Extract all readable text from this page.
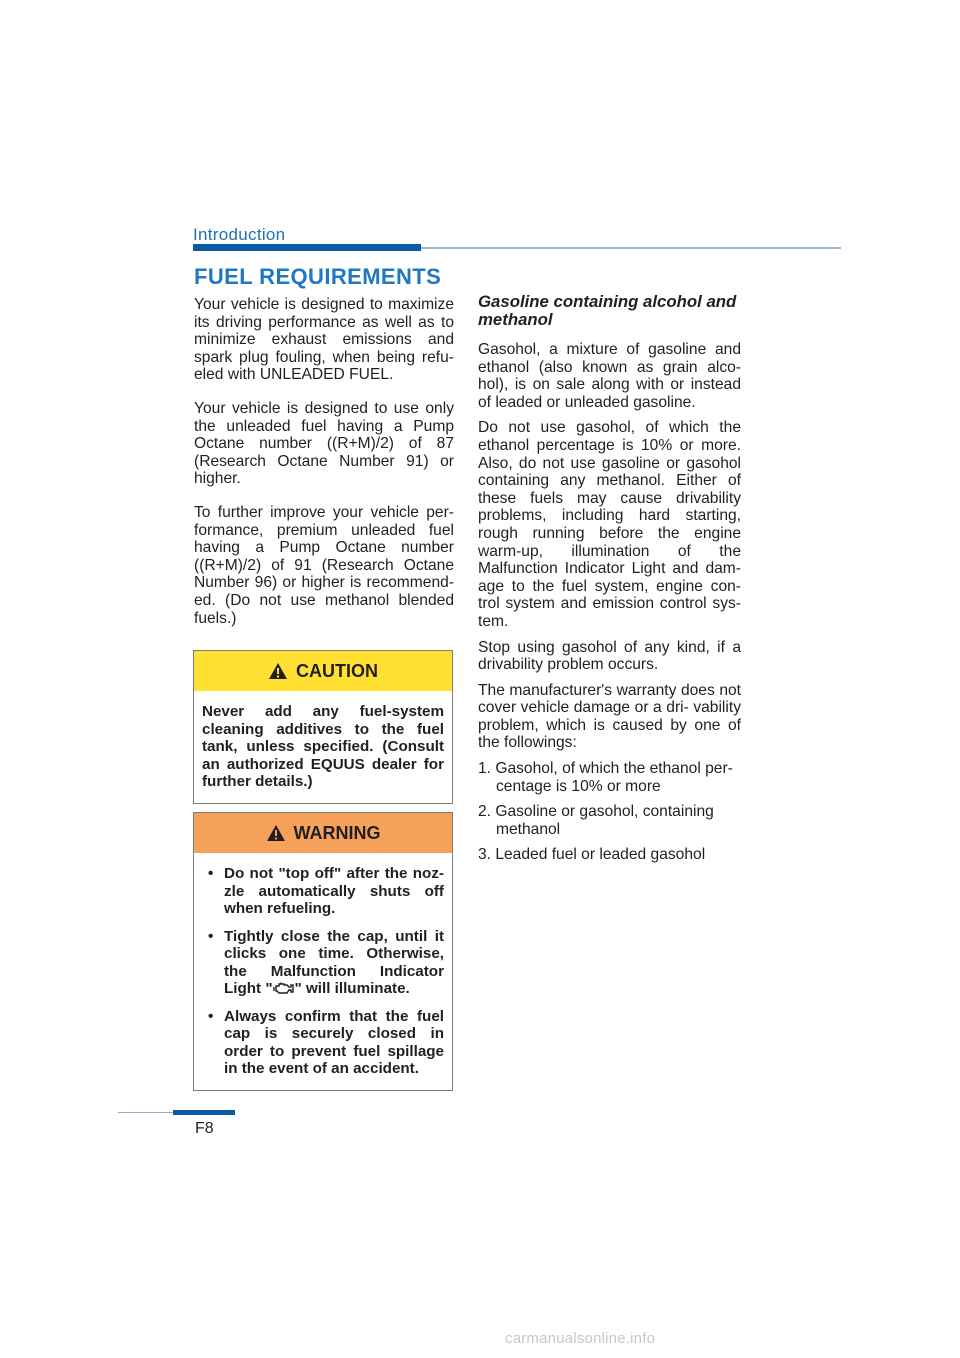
Introduction
FUEL REQUIREMENTS

Your vehicle is designed to maximize its driving performance as well as to minimize exhaust emissions and spark plug fouling, when being refu- eled with UNLEADED FUEL.

Your vehicle is designed to use only the unleaded fuel having a Pump Octane number ((R+M)/2) of 87 (Research Octane Number 91) or higher.

To further improve your vehicle per- formance, premium unleaded fuel having a Pump Octane number ((R+M)/2) of 91 (Research Octane Number 96) or higher is recommend- ed. (Do not use methanol blended fuels.)

CAUTION

Never add any fuel-system cleaning additives to the fuel tank, unless specified. (Consult an authorized EQUUS dealer for further details.)

WARNING
• Do not "top off" after the noz- zle automatically shuts off when refueling.
• Tightly close the cap, until it clicks one time. Otherwise, the Malfunction Indicator Light " " will illuminate.
• Always confirm that the fuel cap is securely closed in order to prevent fuel spillage in the event of an accident.
Gasoline containing alcohol and methanol

Gasohol, a mixture of gasoline and ethanol (also known as grain alco- hol), is on sale along with or instead of leaded or unleaded gasoline.

Do not use gasohol, of which the ethanol percentage is 10% or more. Also, do not use gasoline or gasohol containing any methanol. Either of these fuels may cause drivability problems, including hard starting, rough running before the engine warm-up, illumination of the Malfunction Indicator Light and dam- age to the fuel system, engine con- trol system and emission control sys- tem.

Stop using gasohol of any kind, if a drivability problem occurs.

The manufacturer's warranty does not cover vehicle damage or a dri- vability problem, which is caused by one of the followings:

1. Gasohol, of which the ethanol per- centage is 10% or more
2. Gasoline or gasohol, containing methanol
3. Leaded fuel or leaded gasohol
F8
carmanualsonline.info
